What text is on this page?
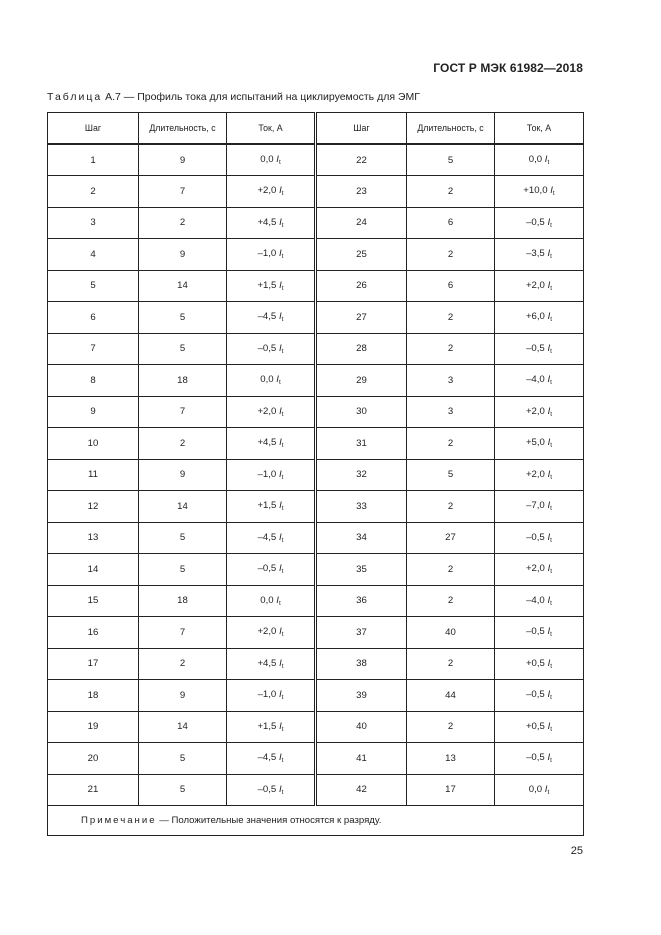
ГОСТ Р МЭК 61982—2018
Таблица А.7 — Профиль тока для испытаний на циклируемость для ЭМГ
Шаг	Длительность, с	Ток, А	Шаг	Длительность, с	Ток, А
1	9	0,0 $I_t$	22	5	0,0 $I_t$
2	7	+2,0 $I_t$	23	2	+10,0 $I_t$
3	2	+4,5 $I_t$	24	6	–0,5 $I_t$
4	9	–1,0 $I_t$	25	2	–3,5 $I_t$
5	14	+1,5 $I_t$	26	6	+2,0 $I_t$
6	5	–4,5 $I_t$	27	2	+6,0 $I_t$
7	5	–0,5 $I_t$	28	2	–0,5 $I_t$
8	18	0,0 $I_t$	29	3	–4,0 $I_t$
9	7	+2,0 $I_t$	30	3	+2,0 $I_t$
10	2	+4,5 $I_t$	31	2	+5,0 $I_t$
11	9	–1,0 $I_t$	32	5	+2,0 $I_t$
12	14	+1,5 $I_t$	33	2	–7,0 $I_t$
13	5	–4,5 $I_t$	34	27	–0,5 $I_t$
14	5	–0,5 $I_t$	35	2	+2,0 $I_t$
15	18	0,0 $I_t$	36	2	–4,0 $I_t$
16	7	+2,0 $I_t$	37	40	–0,5 $I_t$
17	2	+4,5 $I_t$	38	2	+0,5 $I_t$
18	9	–1,0 $I_t$	39	44	–0,5 $I_t$
19	14	+1,5 $I_t$	40	2	+0,5 $I_t$
20	5	–4,5 $I_t$	41	13	–0,5 $I_t$
21	5	–0,5 $I_t$	42	17	0,0 $I_t$
Примечание — Положительные значения относятся к разряду.					
25
